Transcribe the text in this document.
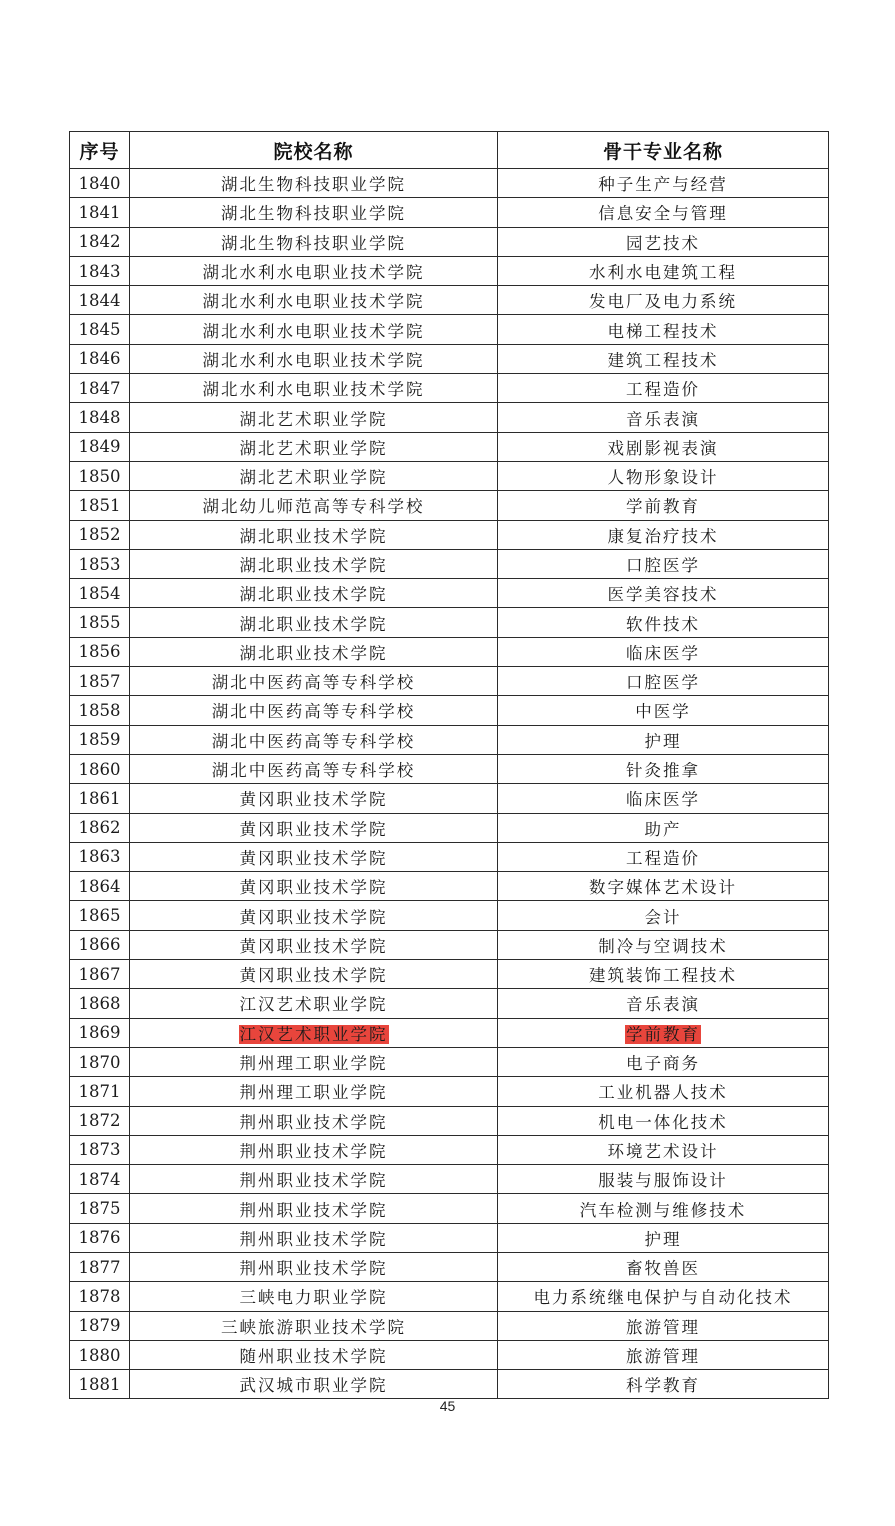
序号	院校名称	骨干专业名称
1840	湖北生物科技职业学院	种子生产与经营
1841	湖北生物科技职业学院	信息安全与管理
1842	湖北生物科技职业学院	园艺技术
1843	湖北水利水电职业技术学院	水利水电建筑工程
1844	湖北水利水电职业技术学院	发电厂及电力系统
1845	湖北水利水电职业技术学院	电梯工程技术
1846	湖北水利水电职业技术学院	建筑工程技术
1847	湖北水利水电职业技术学院	工程造价
1848	湖北艺术职业学院	音乐表演
1849	湖北艺术职业学院	戏剧影视表演
1850	湖北艺术职业学院	人物形象设计
1851	湖北幼儿师范高等专科学校	学前教育
1852	湖北职业技术学院	康复治疗技术
1853	湖北职业技术学院	口腔医学
1854	湖北职业技术学院	医学美容技术
1855	湖北职业技术学院	软件技术
1856	湖北职业技术学院	临床医学
1857	湖北中医药高等专科学校	口腔医学
1858	湖北中医药高等专科学校	中医学
1859	湖北中医药高等专科学校	护理
1860	湖北中医药高等专科学校	针灸推拿
1861	黄冈职业技术学院	临床医学
1862	黄冈职业技术学院	助产
1863	黄冈职业技术学院	工程造价
1864	黄冈职业技术学院	数字媒体艺术设计
1865	黄冈职业技术学院	会计
1866	黄冈职业技术学院	制冷与空调技术
1867	黄冈职业技术学院	建筑装饰工程技术
1868	江汉艺术职业学院	音乐表演
1869	江汉艺术职业学院	学前教育
1870	荆州理工职业学院	电子商务
1871	荆州理工职业学院	工业机器人技术
1872	荆州职业技术学院	机电一体化技术
1873	荆州职业技术学院	环境艺术设计
1874	荆州职业技术学院	服装与服饰设计
1875	荆州职业技术学院	汽车检测与维修技术
1876	荆州职业技术学院	护理
1877	荆州职业技术学院	畜牧兽医
1878	三峡电力职业学院	电力系统继电保护与自动化技术
1879	三峡旅游职业技术学院	旅游管理
1880	随州职业技术学院	旅游管理
1881	武汉城市职业学院	科学教育
45
